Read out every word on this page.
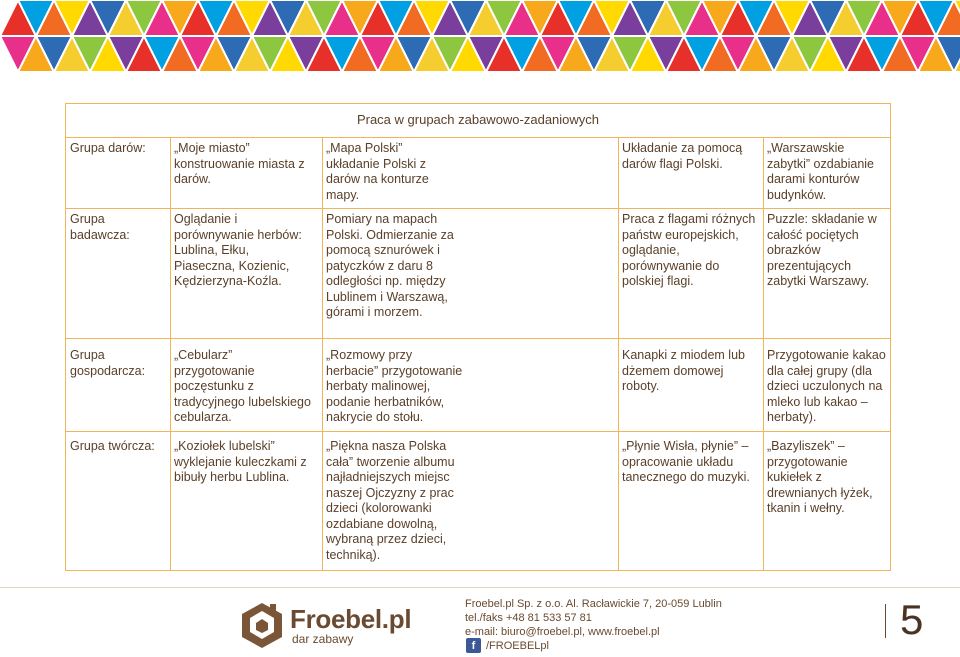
Praca w grupach zabawowo-zadaniowych
Grupa darów:	„Moje miasto” konstruowanie miasta z darów.
„Mapa Polski” układanie Polski z darów na konturze mapy.
Układanie za pomocą darów flagi Polski.
„Warszawskie zabytki” ozdabianie darami konturów budynków.
Grupa badawcza:
Oglądanie i porównywanie herbów: Lublina, Ełku, Piaseczna, Kozienic, Kędzierzyna-Koźla.
Pomiary na mapach Polski. Odmierzanie za pomocą sznurówek i patyczków z daru 8 odległości np. między Lublinem i Warszawą, górami i morzem.
Praca z flagami różnych państw europejskich, oglądanie, porównywanie do polskiej flagi.
Puzzle: składanie w całość pociętych obrazków prezentujących zabytki Warszawy.
Grupa gospodarcza:
„Cebularz” przygotowanie poczęstunku z tradycyjnego lubelskiego cebularza.
„Rozmowy przy herbacie” przygotowanie herbaty malinowej, podanie herbatników, nakrycie do stołu.
Kanapki z miodem lub dżemem domowej roboty.
Przygotowanie kakao dla całej grupy (dla dzieci uczulonych na mleko lub kakao – herbaty).
Grupa twórcza:	„Koziołek lubelski” wyklejanie kuleczkami z bibuły herbu Lublina.
„Piękna nasza Polska cała” tworzenie albumu najładniejszych miejsc naszej Ojczyzny z prac dzieci (kolorowanki ozdabiane dowolną, wybraną przez dzieci, techniką).
„Płynie Wisła, płynie” – opracowanie układu tanecznego do muzyki.
„Bazyliszek” – przygotowanie kukiełek z drewnianych łyżek, tkanin i wełny.
Froebel.pl
dar zabawy
Froebel.pl Sp. z o.o. Al. Racławickie 7, 20-059 Lublin
tel./faks +48 81 533 57 81
e-mail: biuro@froebel.pl, www.froebel.pl
f /FROEBELpl
5
